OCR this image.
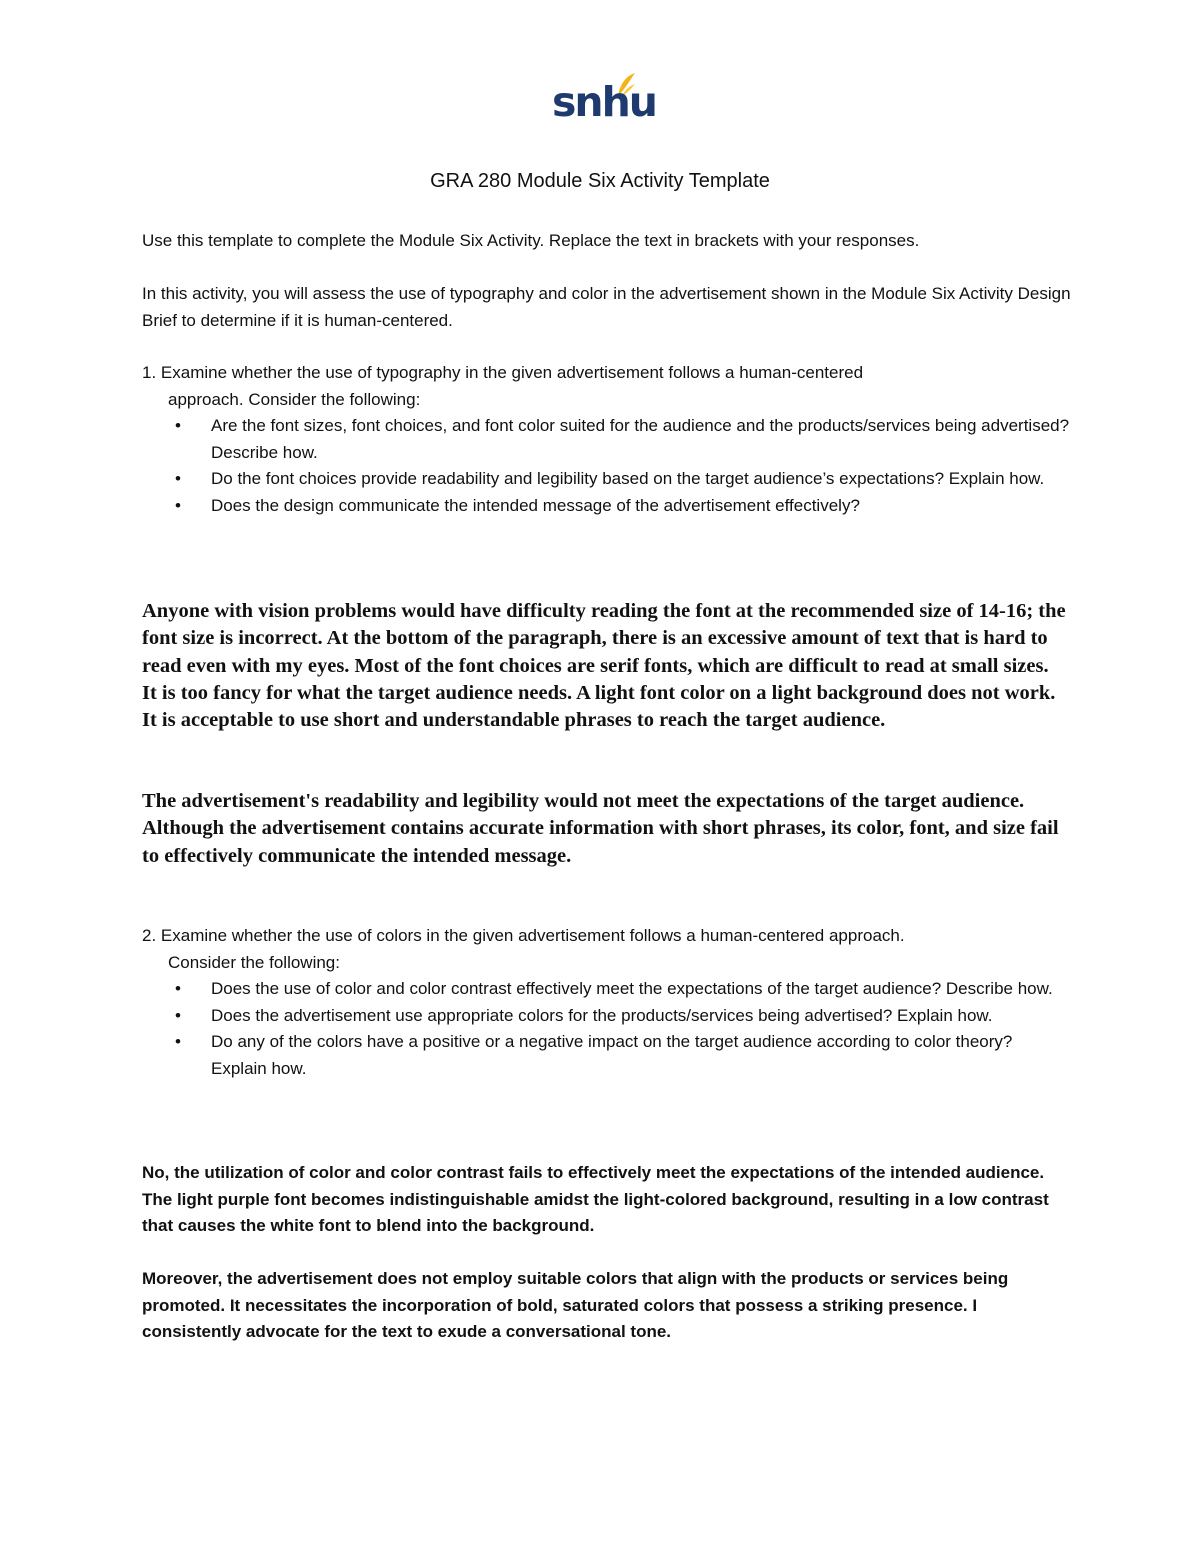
snhu
GRA 280 Module Six Activity Template

Use this template to complete the Module Six Activity. Replace the text in brackets with your responses.

In this activity, you will assess the use of typography and color in the advertisement shown in the Module Six Activity Design Brief to determine if it is human-centered.

1. Examine whether the use of typography in the given advertisement follows a human-centered
approach. Consider the following:
• Are the font sizes, font choices, and font color suited for the audience and the products/services being advertised? Describe how.
• Do the font choices provide readability and legibility based on the target audience’s expectations? Explain how.
• Does the design communicate the intended message of the advertisement effectively?

Anyone with vision problems would have difficulty reading the font at the recommended size of 14-16; the font size is incorrect. At the bottom of the paragraph, there is an excessive amount of text that is hard to read even with my eyes. Most of the font choices are serif fonts, which are difficult to read at small sizes. It is too fancy for what the target audience needs. A light font color on a light background does not work. It is acceptable to use short and understandable phrases to reach the target audience.

The advertisement's readability and legibility would not meet the expectations of the target audience. Although the advertisement contains accurate information with short phrases, its color, font, and size fail to effectively communicate the intended message.

2. Examine whether the use of colors in the given advertisement follows a human-centered approach.
Consider the following:
• Does the use of color and color contrast effectively meet the expectations of the target audience? Describe how.
• Does the advertisement use appropriate colors for the products/services being advertised? Explain how.
• Do any of the colors have a positive or a negative impact on the target audience according to color theory? Explain how.

No, the utilization of color and color contrast fails to effectively meet the expectations of the intended audience. The light purple font becomes indistinguishable amidst the light-colored background, resulting in a low contrast that causes the white font to blend into the background.

Moreover, the advertisement does not employ suitable colors that align with the products or services being promoted. It necessitates the incorporation of bold, saturated colors that possess a striking presence. I consistently advocate for the text to exude a conversational tone.
